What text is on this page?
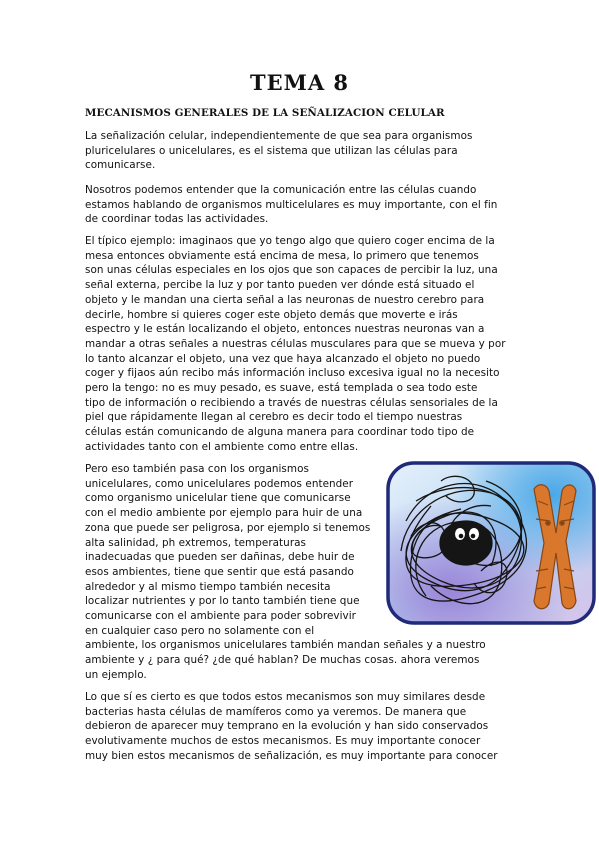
TEMA 8
MECANISMOS GENERALES DE LA SEÑALIZACION CELULAR

La señalización celular, independientemente de que sea para organismos
pluricelulares o unicelulares, es el sistema que utilizan las células para
comunicarse.

Nosotros podemos entender que la comunicación entre las células cuando
estamos hablando de organismos multicelulares es muy importante, con el fin
de coordinar todas las actividades.

El típico ejemplo: imaginaos que yo tengo algo que quiero coger encima de la
mesa entonces obviamente está encima de mesa, lo primero que tenemos
son unas células especiales en los ojos que son capaces de percibir la luz, una
señal externa, percibe la luz y por tanto pueden ver dónde está situado el
objeto y le mandan una cierta señal a las neuronas de nuestro cerebro para
decirle, hombre si quieres coger este objeto demás que moverte e irás
espectro y le están localizando el objeto, entonces nuestras neuronas van a
mandar a otras señales a nuestras células musculares para que se mueva y por
lo tanto alcanzar el objeto, una vez que haya alcanzado el objeto no puedo
coger y fijaos aún recibo más información incluso excesiva igual no la necesito
pero la tengo: no es muy pesado, es suave, está templada o sea todo este
tipo de información o recibiendo a través de nuestras células sensoriales de la
piel que rápidamente llegan al cerebro es decir todo el tiempo nuestras
células están comunicando de alguna manera para coordinar todo tipo de
actividades tanto con el ambiente como entre ellas.

Pero eso también pasa con los organismos
unicelulares, como unicelulares podemos entender
como organismo unicelular tiene que comunicarse
con el medio ambiente por ejemplo para huir de una
zona que puede ser peligrosa, por ejemplo si tenemos
alta salinidad, ph extremos, temperaturas
inadecuadas que pueden ser dañinas, debe huir de
esos ambientes, tiene que sentir que está pasando
alrededor y al mismo tiempo también necesita
localizar nutrientes y por lo tanto también tiene que
comunicarse con el ambiente para poder sobrevivir
en cualquier caso pero no solamente con el
ambiente, los organismos unicelulares también mandan señales y a nuestro
ambiente y ¿ para qué? ¿de qué hablan? De muchas cosas. ahora veremos
un ejemplo.

Lo que sí es cierto es que todos estos mecanismos son muy similares desde
bacterias hasta células de mamíferos como ya veremos. De manera que
debieron de aparecer muy temprano en la evolución y han sido conservados
evolutivamente muchos de estos mecanismos. Es muy importante conocer
muy bien estos mecanismos de señalización, es muy importante para conocer
